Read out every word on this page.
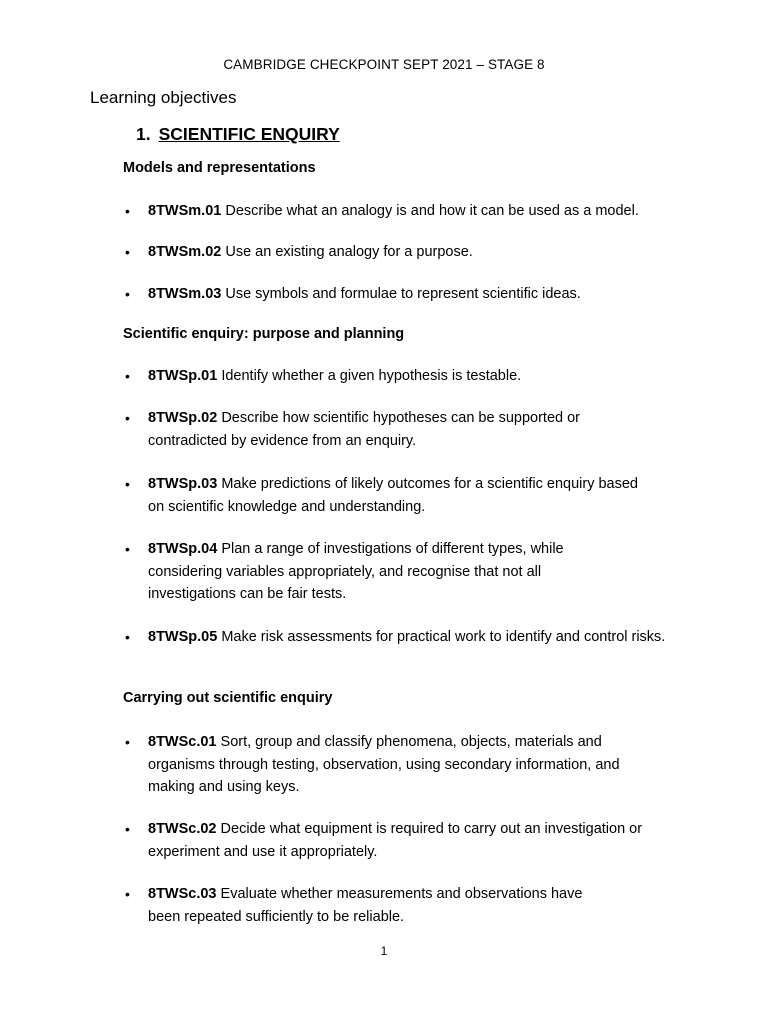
CAMBRIDGE CHECKPOINT SEPT 2021 – STAGE 8
Learning objectives
1. SCIENTIFIC ENQUIRY
Models and representations
• 8TWSm.01 Describe what an analogy is and how it can be used as a model.
• 8TWSm.02 Use an existing analogy for a purpose.
• 8TWSm.03 Use symbols and formulae to represent scientific ideas.
Scientific enquiry: purpose and planning
• 8TWSp.01 Identify whether a given hypothesis is testable.
• 8TWSp.02 Describe how scientific hypotheses can be supported or contradicted by evidence from an enquiry.
• 8TWSp.03 Make predictions of likely outcomes for a scientific enquiry based on scientific knowledge and understanding.
• 8TWSp.04 Plan a range of investigations of different types, while considering variables appropriately, and recognise that not all investigations can be fair tests.
• 8TWSp.05 Make risk assessments for practical work to identify and control risks.
Carrying out scientific enquiry
• 8TWSc.01 Sort, group and classify phenomena, objects, materials and organisms through testing, observation, using secondary information, and making and using keys.
• 8TWSc.02 Decide what equipment is required to carry out an investigation or experiment and use it appropriately.
• 8TWSc.03 Evaluate whether measurements and observations have been repeated sufficiently to be reliable.
1
